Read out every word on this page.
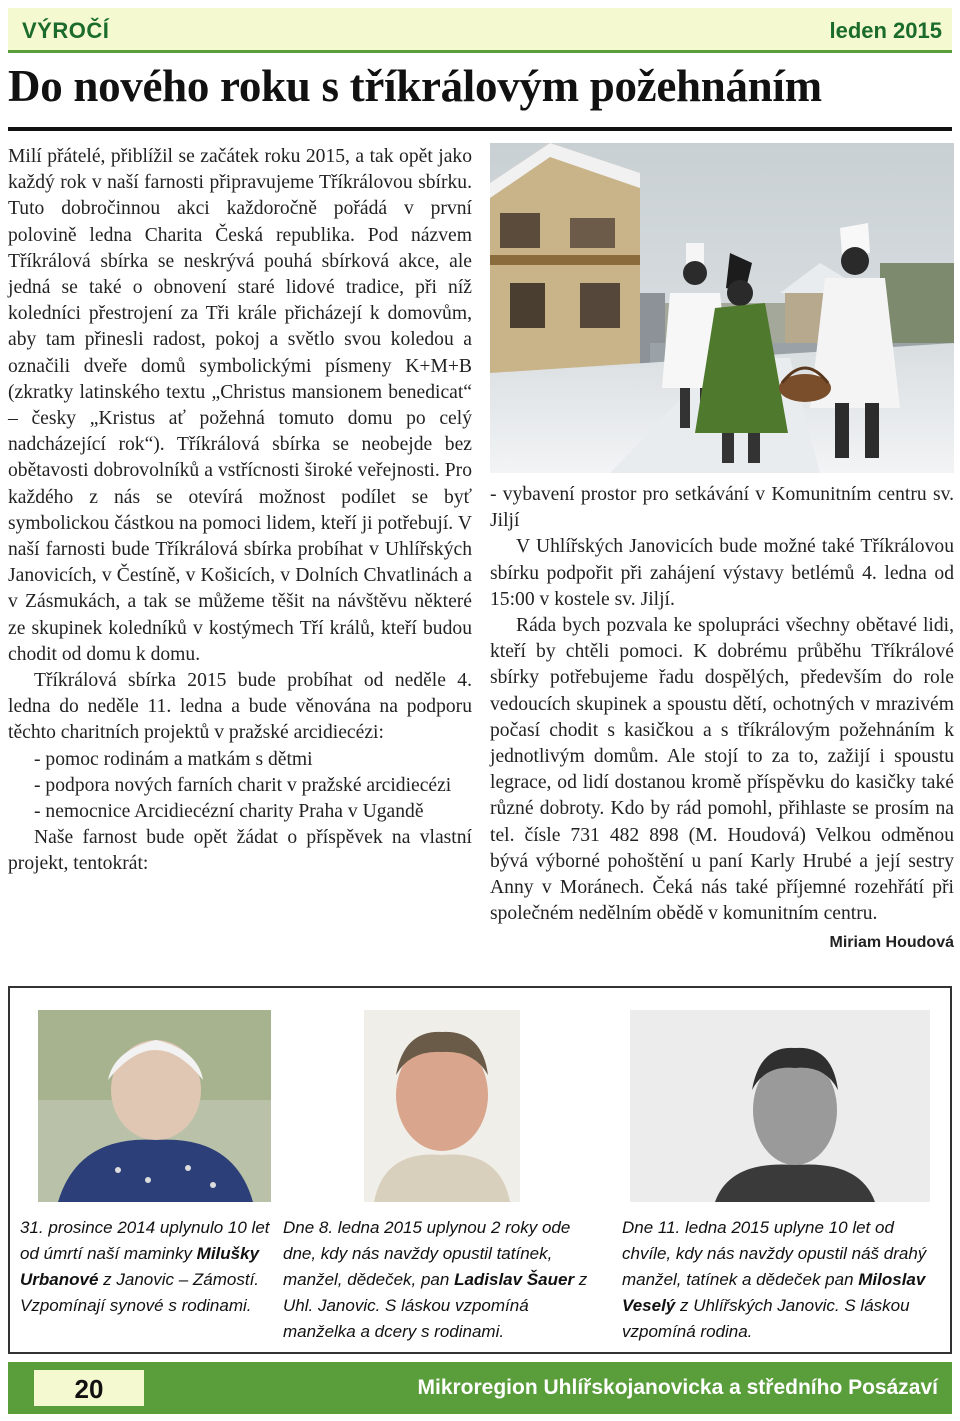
VÝROČÍ	leden 2015
Do nového roku s tříkrálovým požehnáním

Milí přátelé, přiblížil se začátek roku 2015, a tak opět jako každý rok v naší farnosti připravujeme Tříkrálovou sbírku. Tuto dobročinnou akci každoročně pořádá v první polovině ledna Charita Česká republika. Pod názvem Tříkrálová sbírka se neskrývá pouhá sbírková akce, ale jedná se také o obnovení staré lidové tradice, při níž koledníci přestrojení za Tři krále přicházejí k domovům, aby tam přinesli radost, pokoj a světlo svou koledou a označili dveře domů symbolickými písmeny K+M+B (zkratky latinského textu „Christus mansionem benedicat“ – česky „Kristus ať požehná tomuto domu po celý nadcházející rok“). Tříkrálová sbírka se neobejde bez obětavosti dobrovolníků a vstřícnosti široké veřejnosti. Pro každého z nás se otevírá možnost podílet se byť symbolickou částkou na pomoci lidem, kteří ji potřebují. V naší farnosti bude Tříkrálová sbírka probíhat v Uhlířských Janovicích, v Čestíně, v Košicích, v Dolních Chvatlinách a v Zásmukách, a tak se můžeme těšit na návštěvu některé ze skupinek koledníků v kostýmech Tří králů, kteří budou chodit od domu k domu.

Tříkrálová sbírka 2015 bude probíhat od neděle 4. ledna do neděle 11. ledna a bude věnována na podporu těchto charitních projektů v pražské arcidiecézi:

- pomoc rodinám a matkám s dětmi

- podpora nových farních charit v pražské arcidiecézi

- nemocnice Arcidiecézní charity Praha v Ugandě

Naše farnost bude opět žádat o příspěvek na vlastní projekt, tentokrát:

- vybavení prostor pro setkávání v Komunitním centru sv. Jiljí

V Uhlířských Janovicích bude možné také Tříkrálovou sbírku podpořit při zahájení výstavy betlémů 4. ledna od 15:00 v kostele sv. Jiljí.

Ráda bych pozvala ke spolupráci všechny obětavé lidi, kteří by chtěli pomoci. K dobrému průběhu Tříkrálové sbírky potřebujeme řadu dospělých, především do role vedoucích skupinek a spoustu dětí, ochotných v mrazivém počasí chodit s kasičkou a s tříkrálovým požehnáním k jednotlivým domům. Ale stojí to za to, zažijí i spoustu legrace, od lidí dostanou kromě příspěvku do kasičky také různé dobroty. Kdo by rád pomohl, přihlaste se prosím na tel. čísle 731 482 898 (M. Houdová) Velkou odměnou bývá výborné pohoštění u paní Karly Hrubé a její sestry Anny v Moránech. Čeká nás také příjemné rozehřátí při společném nedělním obědě v komunitním centru.
Miriam Houdová

31. prosince 2014 uplynulo 10 let od úmrtí naší maminky Milušky Urbanové z Janovic – Zámostí. Vzpomínají synové s rodinami.
Dne 8. ledna 2015 uplynou 2 roky ode dne, kdy nás navždy opustil tatínek, manžel, dědeček, pan Ladislav Šauer z Uhl. Janovic. S láskou vzpomíná manželka a dcery s rodinami.
Dne 11. ledna 2015 uplyne 10 let od chvíle, kdy nás navždy opustil náš drahý manžel, tatínek a dědeček pan Miloslav Veselý z Uhlířských Janovic. S láskou vzpomíná rodina.
20	Mikroregion Uhlířskojanovicka a středního Posázaví
